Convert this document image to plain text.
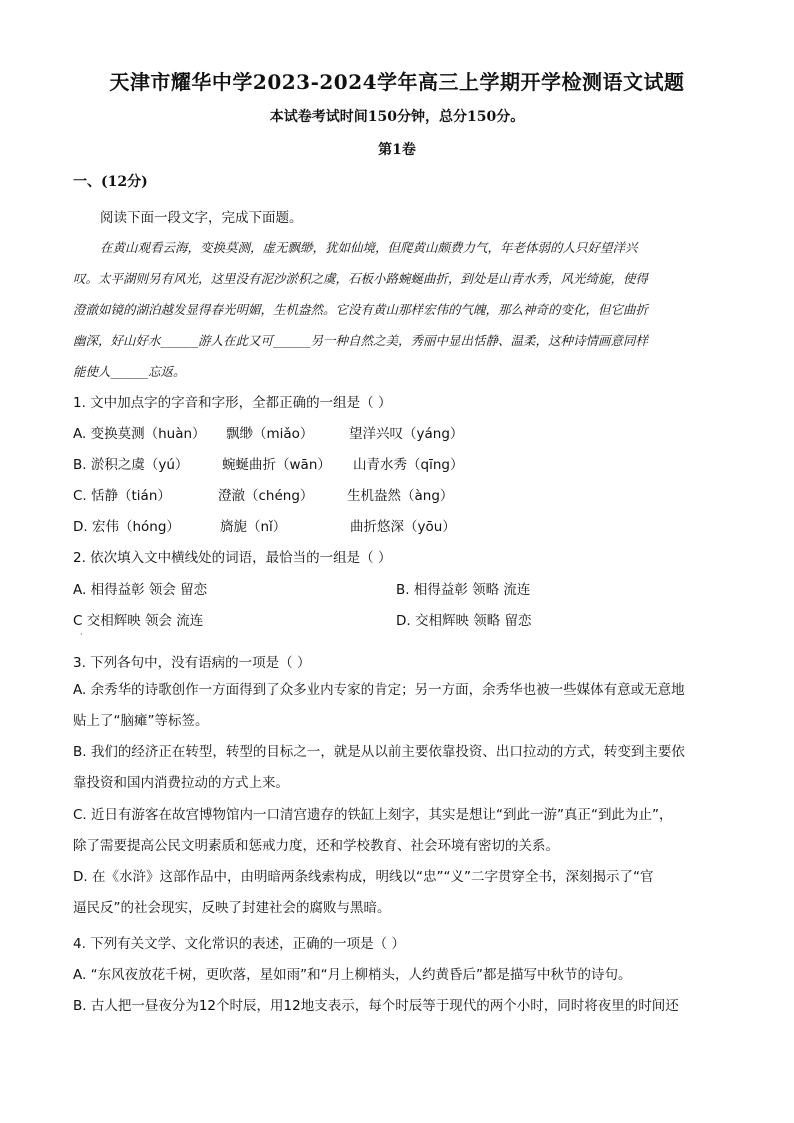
天津市耀华中学2023-2024学年高三上学期开学检测语文试题
本试卷考试时间150分钟，总分150分。
第1卷
一、(12分)
阅读下面一段文字，完成下面题。
在黄山观看云海，变换莫测，虚无飘缈，犹如仙境，但爬黄山颇费力气，年老体弱的人只好望洋兴
叹。太平湖则另有风光，这里没有泥沙淤积之虞，石板小路蜿蜒曲折，到处是山青水秀，风光绮旎，使得
澄澈如镜的湖泊越发显得春光明媚，生机盎然。它没有黄山那样宏伟的气魄，那么神奇的变化，但它曲折
幽深，好山好水______游人在此又可______另一种自然之美，秀丽中显出恬静、温柔，这种诗情画意同样
能使人______忘返。
1. 文中加点字的字音和字形，全都正确的一组是（ ）
A. 变换莫测（huàn） 飘缈（miǎo）	望洋兴叹（yáng）
B. 淤积之虞（yú） 蜿蜒曲折（wān） 山青水秀（qīng）
C. 恬静（tián）	澄澈（chéng） 生机盎然（àng）
D. 宏伟（hóng）	旖旎（nǐ）	曲折悠深（yōu）
2. 依次填入文中横线处的词语，最恰当的一组是（ ）
A. 相得益彰 领会 留恋	B. 相得益彰 领略 流连
C 交相辉映 领会 流连	D. 交相辉映 领略 留恋
·
3. 下列各句中，没有语病的一项是（ ）
A. 余秀华的诗歌创作一方面得到了众多业内专家的肯定；另一方面，余秀华也被一些媒体有意或无意地
贴上了“脑瘫”等标签。
B. 我们的经济正在转型，转型的目标之一，就是从以前主要依靠投资、出口拉动的方式，转变到主要依
靠投资和国内消费拉动的方式上来。
C. 近日有游客在故宫博物馆内一口清宫遗存的铁缸上刻字，其实是想让“到此一游”真正“到此为止”，
除了需要提高公民文明素质和惩戒力度，还和学校教育、社会环境有密切的关系。
D. 在《水浒》这部作品中，由明暗两条线索构成，明线以“忠”“义”二字贯穿全书，深刻揭示了“官
逼民反”的社会现实，反映了封建社会的腐败与黑暗。
4. 下列有关文学、文化常识的表述，正确的一项是（ ）
A. “东风夜放花千树，更吹落，星如雨”和“月上柳梢头，人约黄昏后”都是描写中秋节的诗句。
B. 古人把一昼夜分为12个时辰，用12地支表示，每个时辰等于现代的两个小时，同时将夜里的时间还
